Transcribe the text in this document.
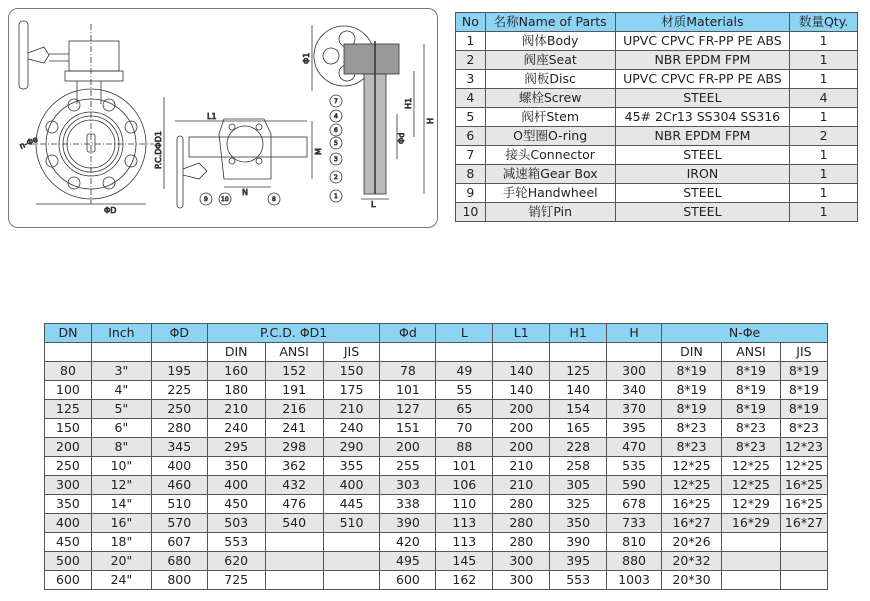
ΦD
P.C.DΦD1
n-Φe
L1
N
M
Φ1
H1
H
Φd
L
1
2
3
4
5
6
7
8
9 10
No	名称Name of Parts	材质Materials	数量Qty.
1	阀体Body	UPVC CPVC FR-PP PE ABS	1
2	阀座Seat	NBR EPDM FPM	1
3	阀板Disc	UPVC CPVC FR-PP PE ABS	1
4	螺栓Screw	STEEL	4
5	阀杆Stem	45# 2Cr13 SS304 SS316	1
6	O型圈O-ring	NBR EPDM FPM	2
7	接头Connector	STEEL	1
8	减速箱Gear Box	IRON	1
9	手轮Handwheel	STEEL	1
10	销钉Pin	STEEL	1
DN	Inch	ΦD	P.C.D. ΦD1			Φd	L	L1	H1	H	N-Φe		
			DIN	ANSI	JIS						DIN	ANSI	JIS
80	3"	195	160	152	150	78	49	140	125	300	8*19	8*19	8*19
100	4"	225	180	191	175	101	55	140	140	340	8*19	8*19	8*19
125	5"	250	210	216	210	127	65	200	154	370	8*19	8*19	8*19
150	6"	280	240	241	240	151	70	200	165	395	8*23	8*23	8*23
200	8"	345	295	298	290	200	88	200	228	470	8*23	8*23	12*23
250	10"	400	350	362	355	255	101	210	258	535	12*25	12*25	12*25
300	12"	460	400	432	400	303	106	210	305	590	12*25	12*25	16*25
350	14"	510	450	476	445	338	110	280	325	678	16*25	12*29	16*25
400	16"	570	503	540	510	390	113	280	350	733	16*27	16*29	16*27
450	18"	607	553			420	113	280	390	810	20*26		
500	20"	680	620			495	145	300	395	880	20*32		
600	24"	800	725			600	162	300	553	1003	20*30		
